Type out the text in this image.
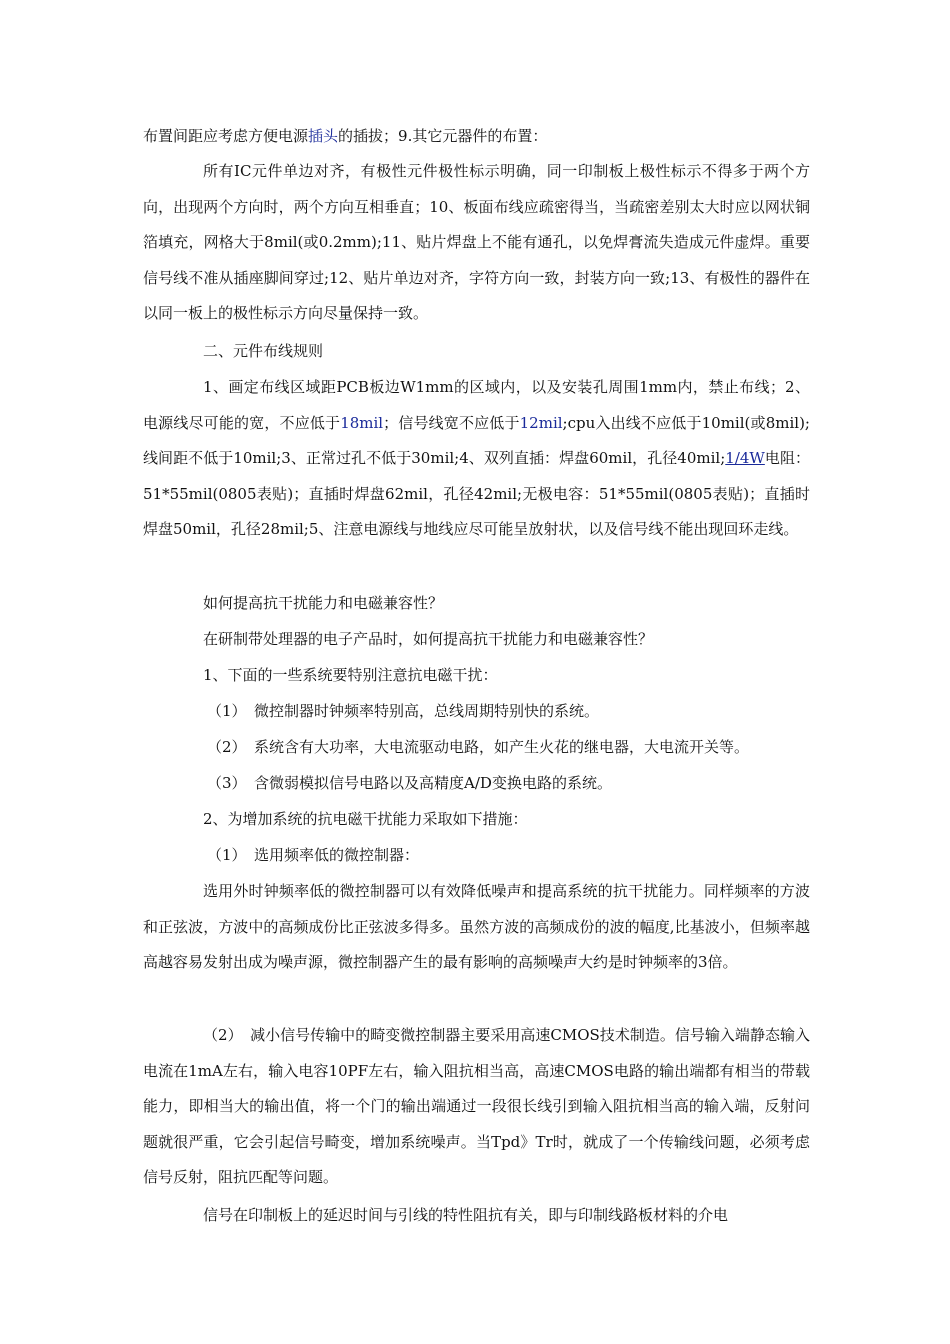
布置间距应考虑方便电源插头的插拔；9.其它元器件的布置：

所有IC元件单边对齐，有极性元件极性标示明确，同一印制板上极性标示不得多于两个方向，出现两个方向时，两个方向互相垂直；10、板面布线应疏密得当，当疏密差别太大时应以网状铜箔填充，网格大于8mil(或0.2mm);11、贴片焊盘上不能有通孔，以免焊膏流失造成元件虚焊。重要信号线不准从插座脚间穿过;12、贴片单边对齐，字符方向一致，封装方向一致;13、有极性的器件在以同一板上的极性标示方向尽量保持一致。

二、元件布线规则

1、画定布线区域距PCB板边W1mm的区域内，以及安装孔周围1mm内，禁止布线；2、电源线尽可能的宽，不应低于18mil；信号线宽不应低于12mil;cpu入出线不应低于10mil(或8mil);线间距不低于10mil;3、正常过孔不低于30mil;4、双列直插：焊盘60mil，孔径40mil;1/4W电阻：51*55mil(0805表贴)；直插时焊盘62mil，孔径42mil;无极电容：51*55mil(0805表贴)；直插时焊盘50mil，孔径28mil;5、注意电源线与地线应尽可能呈放射状，以及信号线不能出现回环走线。

如何提高抗干扰能力和电磁兼容性？

在研制带处理器的电子产品时，如何提高抗干扰能力和电磁兼容性？

1、下面的一些系统要特别注意抗电磁干扰：

（1）　微控制器时钟频率特别高，总线周期特别快的系统。

（2）　系统含有大功率，大电流驱动电路，如产生火花的继电器，大电流开关等。

（3）　含微弱模拟信号电路以及高精度A/D变换电路的系统。

2、为增加系统的抗电磁干扰能力采取如下措施：

（1）　选用频率低的微控制器：

选用外时钟频率低的微控制器可以有效降低噪声和提高系统的抗干扰能力。同样频率的方波和正弦波，方波中的高频成份比正弦波多得多。虽然方波的高频成份的波的幅度,比基波小，但频率越高越容易发射出成为噪声源，微控制器产生的最有影响的高频噪声大约是时钟频率的3倍。

（2）　减小信号传输中的畸变微控制器主要采用高速CMOS技术制造。信号输入端静态输入电流在1mA左右，输入电容10PF左右，输入阻抗相当高，高速CMOS电路的输出端都有相当的带载能力，即相当大的输出值，将一个门的输出端通过一段很长线引到输入阻抗相当高的输入端，反射问题就很严重，它会引起信号畸变，增加系统噪声。当Tpd》Tr时，就成了一个传输线问题，必须考虑信号反射，阻抗匹配等问题。

信号在印制板上的延迟时间与引线的特性阻抗有关，即与印制线路板材料的介电
